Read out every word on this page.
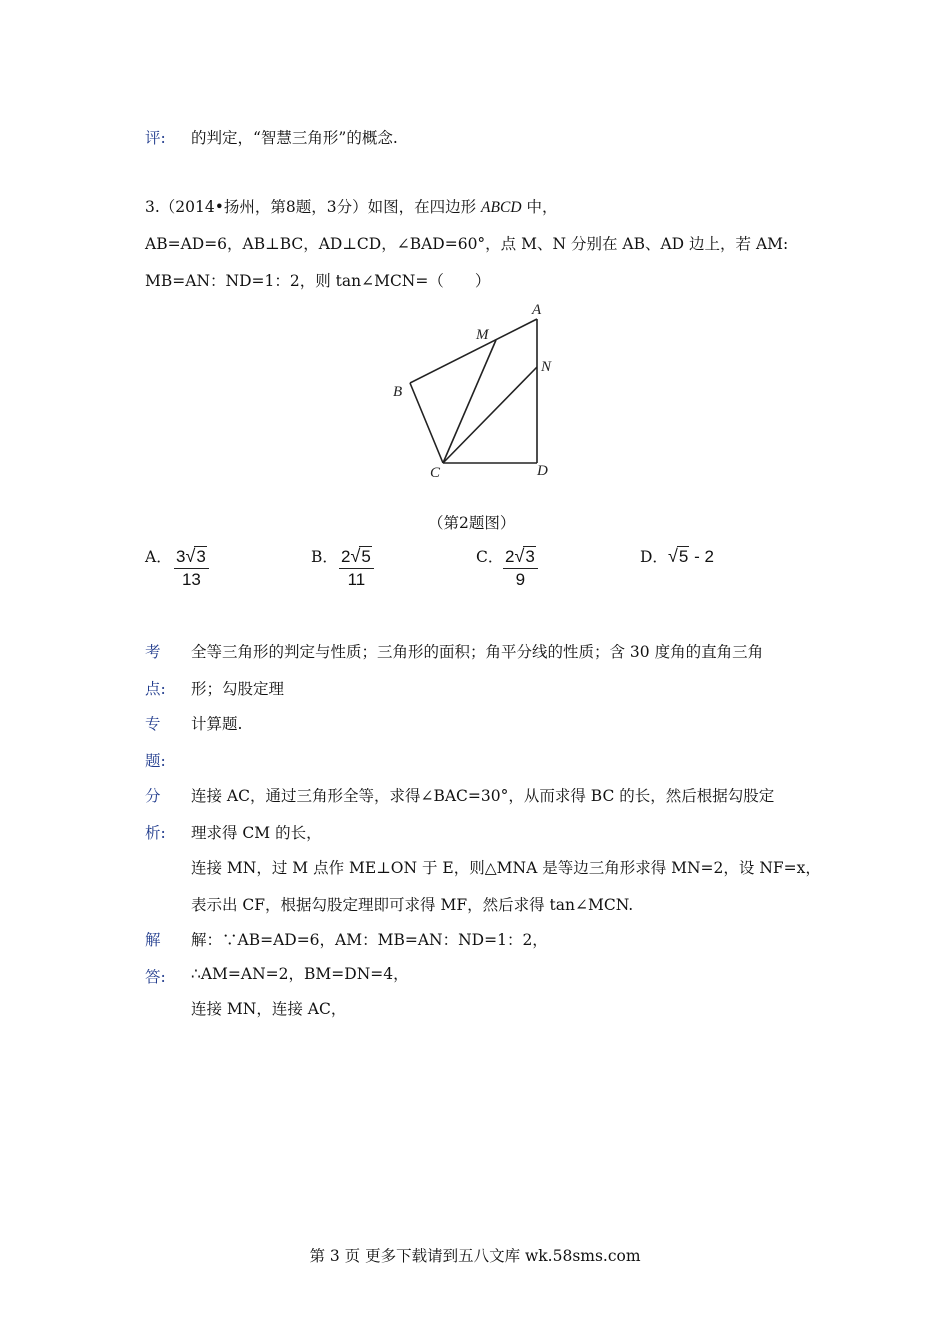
评: 的判定，“智慧三角形”的概念.
3.（2014•扬州，第8题，3分）如图，在四边形 ABCD 中，
AB=AD=6，AB⊥BC，AD⊥CD，∠BAD=60°，点 M、N 分别在 AB、AD 边上，若 AM:
MB=AN：ND=1：2，则 tan∠MCN=（　　）
A
M
N
B
C	D
（第2题图）
A． $\frac{3√3}{13}$	B． $\frac{2√5}{11}$	C． $\frac{2√3}{9}$	D． √5 - 2
考
点:
全等三角形的判定与性质；三角形的面积；角平分线的性质；含 30 度角的直角三角
形；勾股定理
专
题:
计算题.
分
析:
连接 AC，通过三角形全等，求得∠BAC=30°，从而求得 BC 的长，然后根据勾股定
理求得 CM 的长，
连接 MN，过 M 点作 ME⊥ON 于 E，则△MNA 是等边三角形求得 MN=2，设 NF=x，
表示出 CF，根据勾股定理即可求得 MF，然后求得 tan∠MCN.
解
答:
解：∵AB=AD=6，AM：MB=AN：ND=1：2，
∴AM=AN=2，BM=DN=4，
连接 MN，连接 AC，
第 3 页 更多下载请到五八文库 wk.58sms.com
